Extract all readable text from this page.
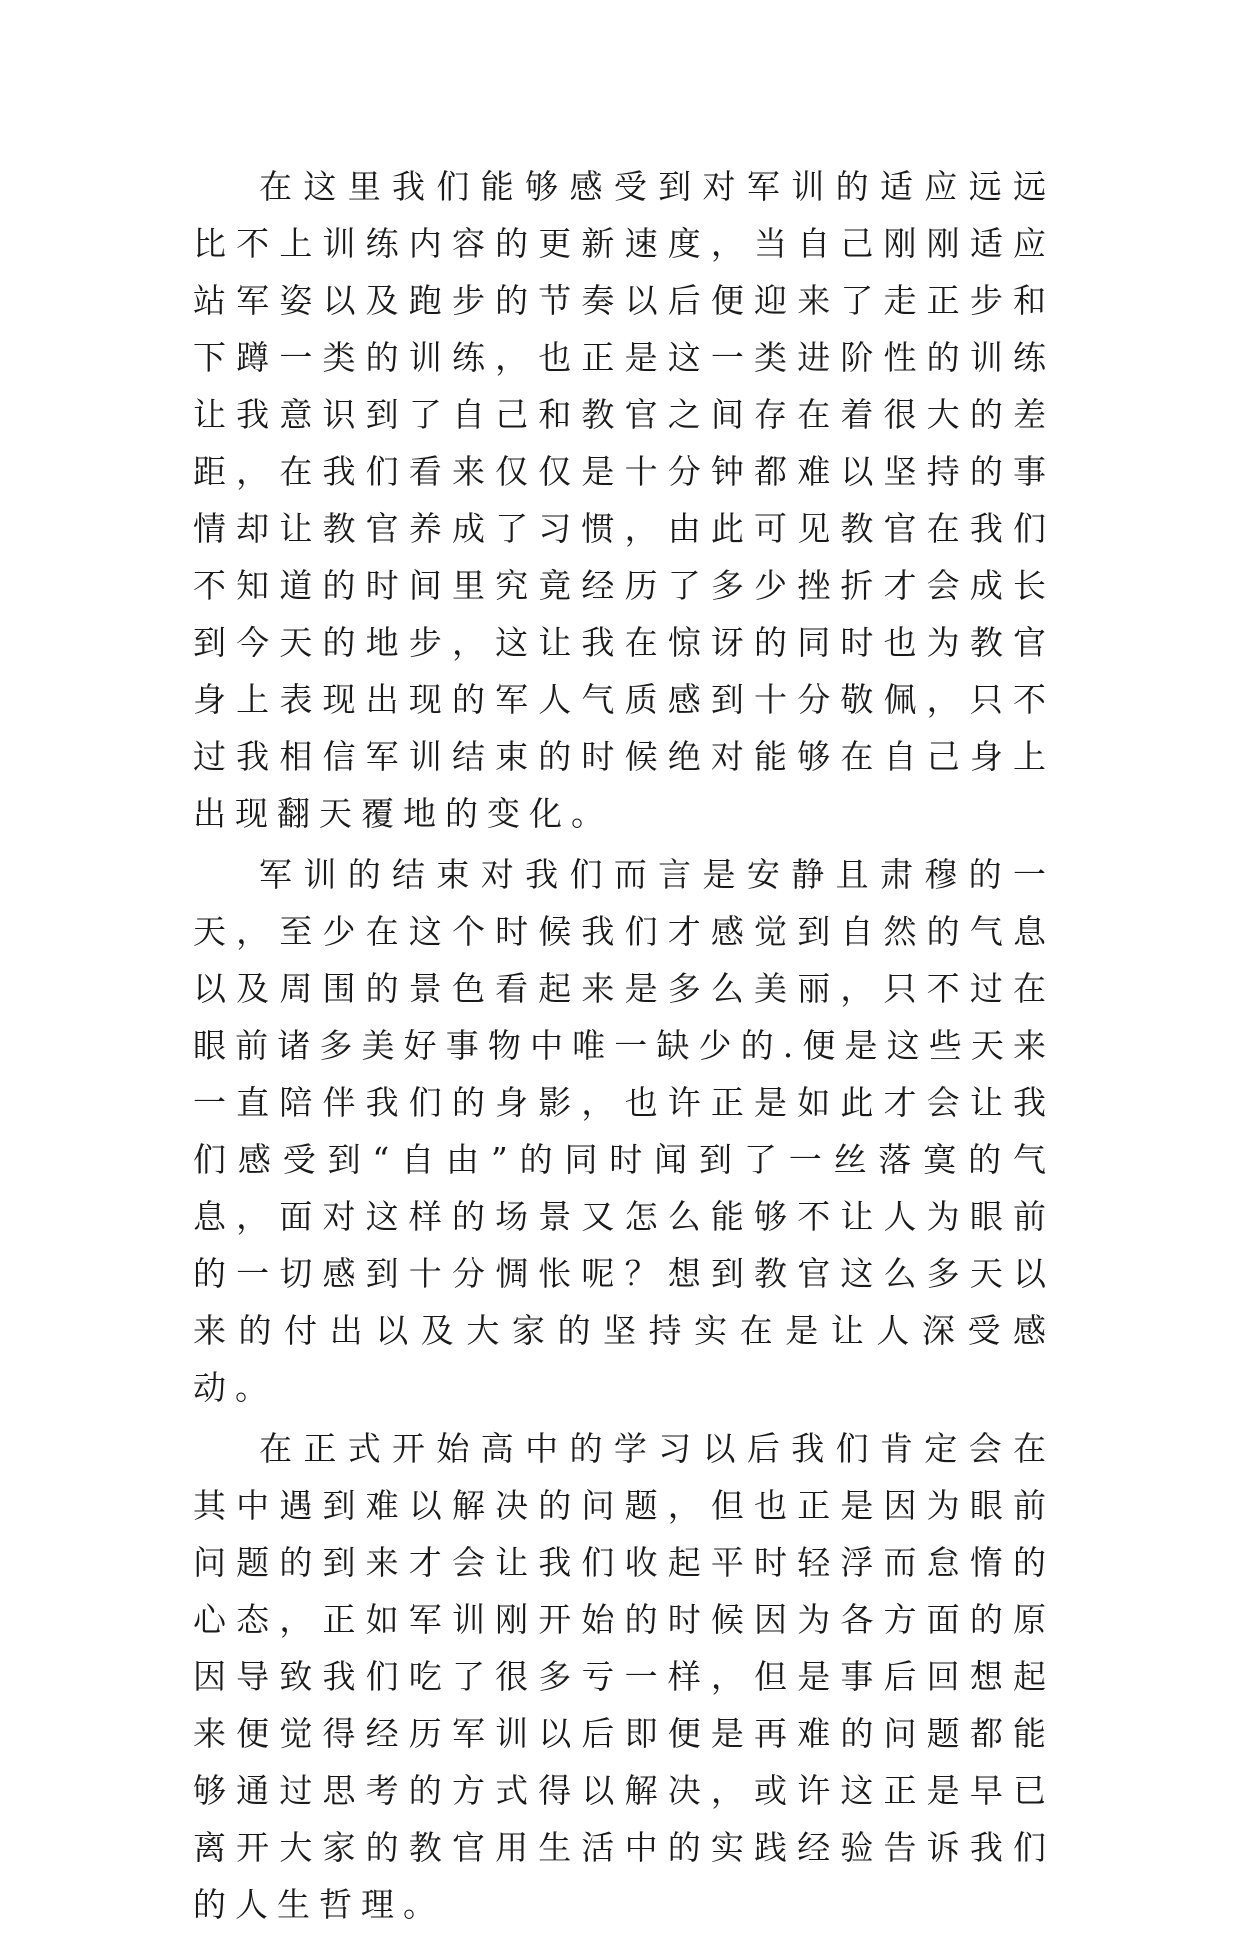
在这里我们能够感受到对军训的适应远远比不上训练内容的更新速度，当自己刚刚适应站军姿以及跑步的节奏以后便迎来了走正步和下蹲一类的训练，也正是这一类进阶性的训练让我意识到了自己和教官之间存在着很大的差距，在我们看来仅仅是十分钟都难以坚持的事情却让教官养成了习惯，由此可见教官在我们不知道的时间里究竟经历了多少挫折才会成长到今天的地步，这让我在惊讶的同时也为教官身上表现出现的军人气质感到十分敬佩，只不过我相信军训结束的时候绝对能够在自己身上出现翻天覆地的变化。

军训的结束对我们而言是安静且肃穆的一天，至少在这个时候我们才感觉到自然的气息以及周围的景色看起来是多么美丽，只不过在眼前诸多美好事物中唯一缺少的.便是这些天来一直陪伴我们的身影，也许正是如此才会让我们感受到“自由”的同时闻到了一丝落寞的气息，面对这样的场景又怎么能够不让人为眼前的一切感到十分惆怅呢？想到教官这么多天以来的付出以及大家的坚持实在是让人深受感动。

在正式开始高中的学习以后我们肯定会在其中遇到难以解决的问题，但也正是因为眼前问题的到来才会让我们收起平时轻浮而怠惰的心态，正如军训刚开始的时候因为各方面的原因导致我们吃了很多亏一样，但是事后回想起来便觉得经历军训以后即便是再难的问题都能够通过思考的方式得以解决，或许这正是早已离开大家的教官用生活中的实践经验告诉我们的人生哲理。
